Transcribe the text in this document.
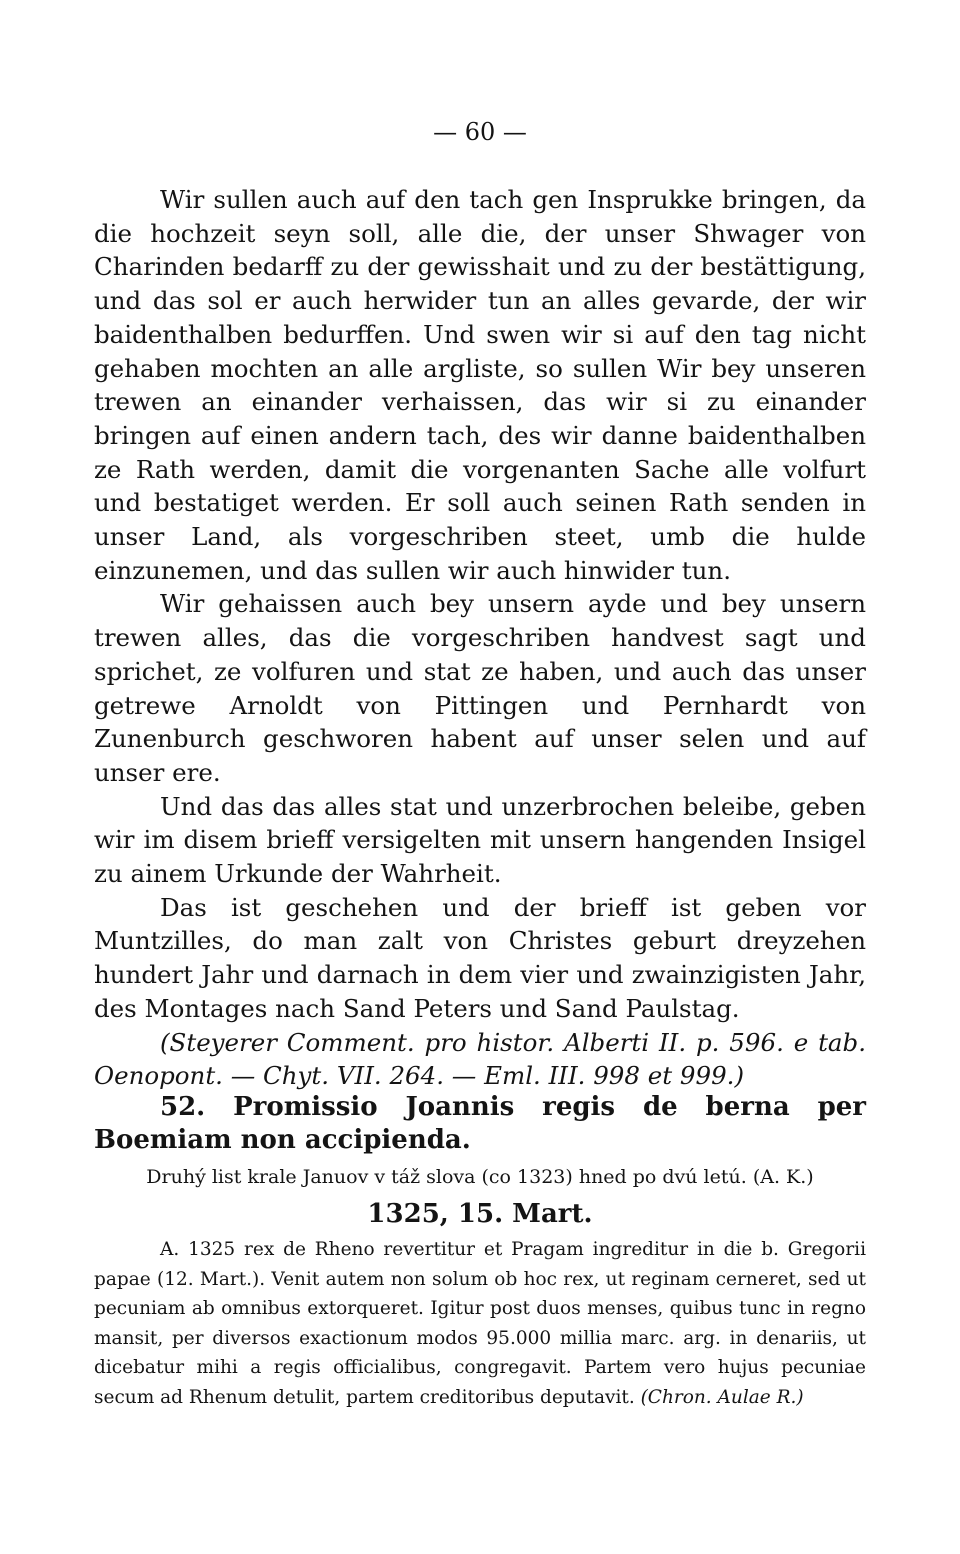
— 60 —

Wir sullen auch auf den tach gen Insprukke bringen, da die hochzeit seyn soll, alle die, der unser Shwager von Charinden bedarff zu der gewisshait und zu der bestättigung, und das sol er auch herwider tun an alles gevarde, der wir baidenthalben bedurffen. Und swen wir si auf den tag nicht gehaben mochten an alle argliste, so sullen Wir bey unseren trewen an einander verhaissen, das wir si zu einander bringen auf einen andern tach, des wir danne baidenthalben ze Rath werden, damit die vorgenanten Sache alle volfurt und bestatiget werden. Er soll auch seinen Rath senden in unser Land, als vorgeschriben steet, umb die hulde einzunemen, und das sullen wir auch hinwider tun.

Wir gehaissen auch bey unsern ayde und bey unsern trewen alles, das die vorgeschriben handvest sagt und sprichet, ze volfuren und stat ze haben, und auch das unser getrewe Arnoldt von Pittingen und Pernhardt von Zunenburch geschworen habent auf unser selen und auf unser ere.

Und das das alles stat und unzerbrochen beleibe, geben wir im disem brieff versigelten mit unsern hangenden Insigel zu ainem Urkunde der Wahrheit.

Das ist geschehen und der brieff ist geben vor Muntzilles, do man zalt von Christes geburt dreyzehen hundert Jahr und darnach in dem vier und zwainzigisten Jahr, des Montages nach Sand Peters und Sand Paulstag.

(Steyerer Comment. pro histor. Alberti II. p. 596. e tab. Oenopont. — Chyt. VII. 264. — Eml. III. 998 et 999.)

52. Promissio Joannis regis de berna per Boemiam non accipienda.
Druhý list krale Januov v táž slova (co 1323) hned po dvú letú. (A. K.)
1325, 15. Mart.

A. 1325 rex de Rheno revertitur et Pragam ingreditur in die b. Gregorii papae (12. Mart.). Venit autem non solum ob hoc rex, ut reginam cerneret, sed ut pecuniam ab omnibus extorqueret. Igitur post duos menses, quibus tunc in regno mansit, per diversos exactionum modos 95.000 millia marc. arg. in denariis, ut dicebatur mihi a regis officialibus, congregavit. Partem vero hujus pecuniae secum ad Rhenum detulit, partem creditoribus deputavit. (Chron. Aulae R.)
